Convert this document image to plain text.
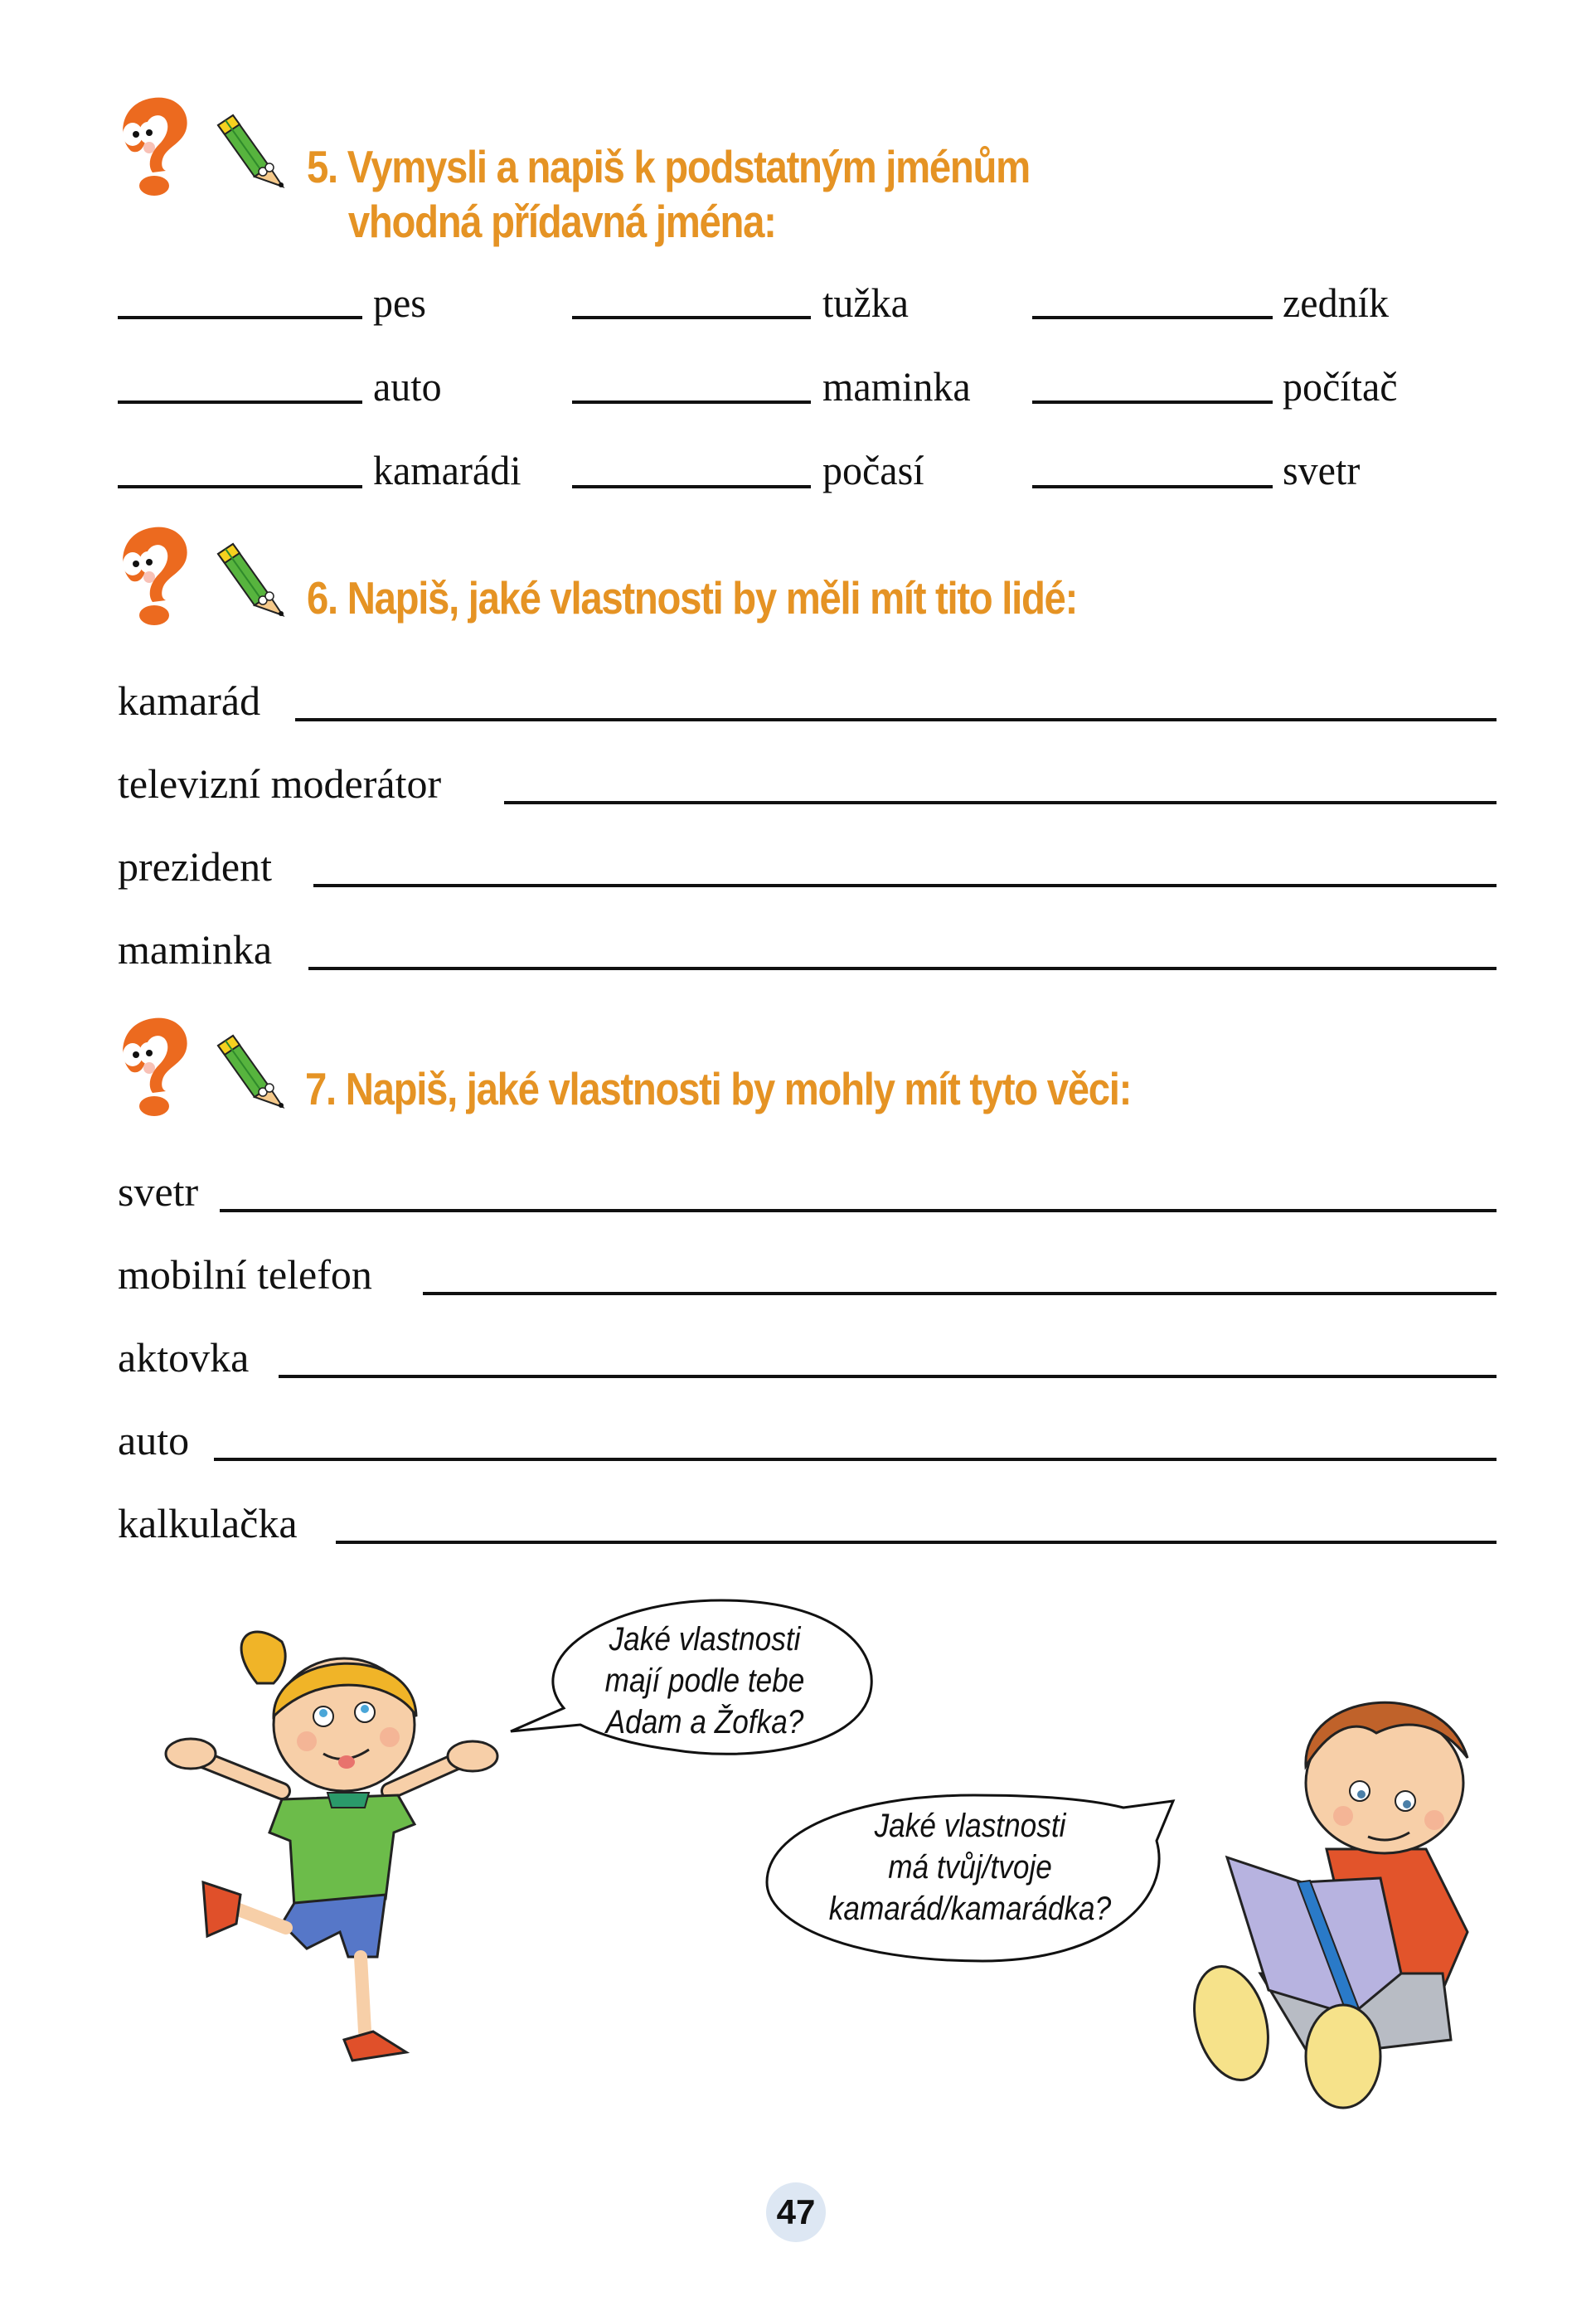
5. Vymysli a napiš k podstatným jménům
vhodná přídavná jména:
pes	tužka	zedník
auto	maminka	počítač
kamarádi	počasí	svetr
6. Napiš, jaké vlastnosti by měli mít tito lidé:
kamarád
televizní moderátor
prezident
maminka
7. Napiš, jaké vlastnosti by mohly mít tyto věci:
svetr
mobilní telefon
aktovka
auto
kalkulačka
Jaké vlastnosti
mají podle tebe
Adam a Žofka?
Jaké vlastnosti
má tvůj/tvoje
kamarád/kamarádka?
47
